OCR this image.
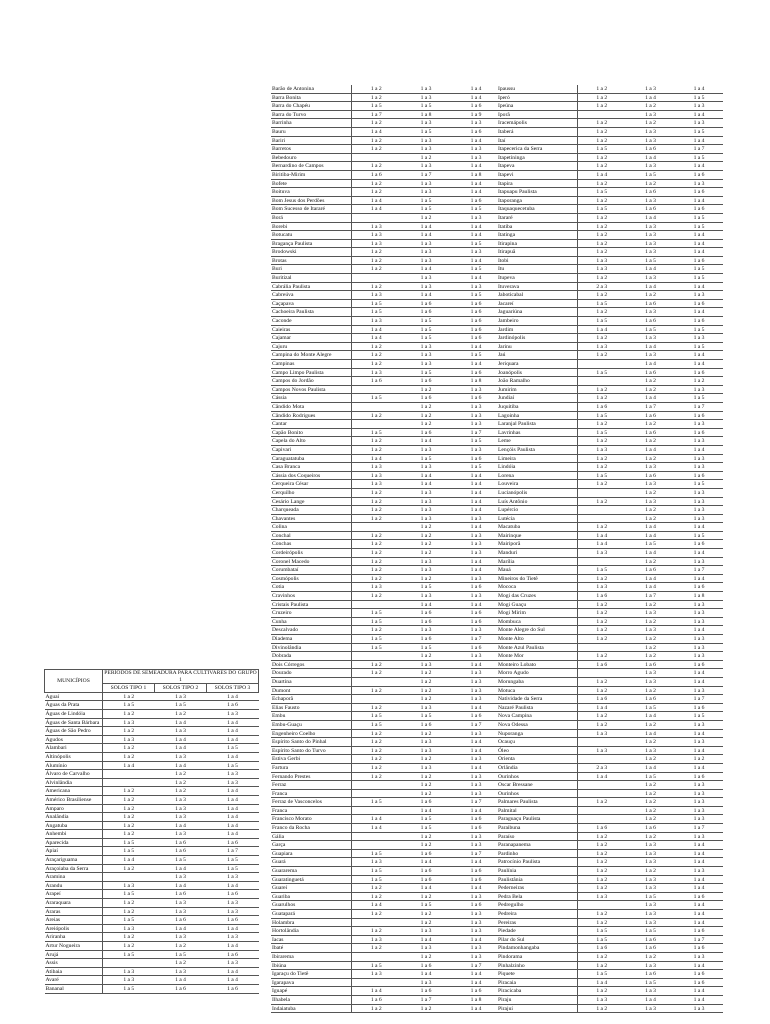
MUNICÍPIOS	PERÍODOS DE SEMEADURA PARA CULTIVARES DO GRUPO 1		
	SOLOS TIPO 1	SOLOS TIPO 2	SOLOS TIPO 3
Aguaí	1 a 2	1 a 3	1 a 4
Águas da Prata	1 a 5	1 a 5	1 a 6
Águas de Lindóia	1 a 2	1 a 2	1 a 3
Águas de Santa Bárbara	1 a 3	1 a 4	1 a 4
Águas de São Pedro	1 a 2	1 a 3	1 a 4
Agudos	1 a 3	1 a 4	1 a 4
Alambari	1 a 2	1 a 4	1 a 5
Altinópolis	1 a 2	1 a 3	1 a 4
Alumínio	1 a 4	1 a 4	1 a 5
Álvaro de Carvalho		1 a 2	1 a 3
Alvinlândia		1 a 2	1 a 3
Americana	1 a 2	1 a 2	1 a 4
Américo Brasiliense	1 a 2	1 a 3	1 a 4
Amparo	1 a 2	1 a 3	1 a 4
Analândia	1 a 2	1 a 3	1 a 4
Angatuba	1 a 2	1 a 4	1 a 4
Anhembi	1 a 2	1 a 3	1 a 4
Aparecida	1 a 5	1 a 6	1 a 6
Apiaí	1 a 5	1 a 6	1 a 7
Araçariguama	1 a 4	1 a 5	1 a 5
Araçoiaba da Serra	1 a 2	1 a 4	1 a 5
Aramina		1 a 3	1 a 3
Arandu	1 a 3	1 a 4	1 a 4
Arapeí	1 a 5	1 a 6	1 a 6
Araraquara	1 a 2	1 a 3	1 a 3
Araras	1 a 2	1 a 3	1 a 3
Areias	1 a 5	1 a 6	1 a 6
Areiópolis	1 a 3	1 a 4	1 a 4
Ariranha	1 a 2	1 a 3	1 a 3
Artur Nogueira	1 a 2	1 a 2	1 a 4
Arujá	1 a 5	1 a 5	1 a 6
Assis		1 a 2	1 a 3
Atibaia	1 a 3	1 a 3	1 a 4
Avaré	1 a 3	1 a 4	1 a 4
Bananal	1 a 5	1 a 6	1 a 6
Barão de Antonina	1 a 2	1 a 3	1 a 4
Barra Bonita	1 a 2	1 a 3	1 a 4
Barra do Chapéu	1 a 5	1 a 5	1 a 6
Barra do Turvo	1 a 7	1 a 8	1 a 9
Barrinha	1 a 2	1 a 3	1 a 3
Bauru	1 a 4	1 a 5	1 a 6
Bariri	1 a 2	1 a 3	1 a 4
Barretos	1 a 2	1 a 3	1 a 3
Bebedouro		1 a 2	1 a 3
Bernardino de Campos	1 a 2	1 a 3	1 a 4
Biritiba-Mirim	1 a 6	1 a 7	1 a 8
Bofete	1 a 2	1 a 3	1 a 4
Boituva	1 a 2	1 a 3	1 a 4
Bom Jesus dos Perdões	1 a 4	1 a 5	1 a 6
Bom Sucesso de Itararé	1 a 4	1 a 5	1 a 5
Borá		1 a 2	1 a 3
Borebi	1 a 3	1 a 4	1 a 4
Botucatu	1 a 3	1 a 4	1 a 4
Bragança Paulista	1 a 3	1 a 3	1 a 5
Brodowski	1 a 2	1 a 3	1 a 3
Brotas	1 a 2	1 a 3	1 a 4
Buri	1 a 2	1 a 4	1 a 5
Buritizal		1 a 3	1 a 4
Cabrália Paulista	1 a 2	1 a 3	1 a 3
Cabreúva	1 a 3	1 a 4	1 a 5
Caçapava	1 a 5	1 a 6	1 a 6
Cachoeira Paulista	1 a 5	1 a 6	1 a 6
Caconde	1 a 3	1 a 5	1 a 6
Caieiras	1 a 4	1 a 5	1 a 6
Cajamar	1 a 4	1 a 5	1 a 6
Cajuru	1 a 2	1 a 3	1 a 4
Campina do Monte Alegre	1 a 2	1 a 3	1 a 5
Campinas	1 a 2	1 a 3	1 a 4
Campo Limpo Paulista	1 a 3	1 a 5	1 a 6
Campos do Jordão	1 a 6	1 a 6	1 a 8
Campos Novos Paulista		1 a 2	1 a 3
Cássia	1 a 5	1 a 6	1 a 6
Cândido Mota		1 a 2	1 a 3
Cândido Rodrigues	1 a 2	1 a 2	1 a 3
Cantar		1 a 2	1 a 3
Capão Bonito	1 a 5	1 a 6	1 a 7
Capela do Alto	1 a 2	1 a 4	1 a 5
Capivari	1 a 2	1 a 3	1 a 3
Caraguatatuba	1 a 4	1 a 5	1 a 6
Casa Branca	1 a 3	1 a 3	1 a 5
Cássia dos Coqueiros	1 a 3	1 a 4	1 a 4
Cerqueira César	1 a 3	1 a 4	1 a 4
Cerquilho	1 a 2	1 a 3	1 a 4
Cesário Lange	1 a 2	1 a 3	1 a 4
Charqueada	1 a 2	1 a 3	1 a 4
Chavantes	1 a 2	1 a 3	1 a 3
Colina		1 a 2	1 a 4
Conchal	1 a 2	1 a 2	1 a 3
Conchas	1 a 2	1 a 2	1 a 3
Cordeirópolis	1 a 2	1 a 2	1 a 3
Coronel Macedo	1 a 2	1 a 3	1 a 4
Corumbataí	1 a 2	1 a 3	1 a 4
Cosmópolis	1 a 2	1 a 2	1 a 3
Cotia	1 a 3	1 a 5	1 a 6
Cravinhos	1 a 2	1 a 3	1 a 3
Cristais Paulista		1 a 4	1 a 4
Cruzeiro	1 a 5	1 a 6	1 a 6
Cunha	1 a 5	1 a 6	1 a 6
Descalvado	1 a 2	1 a 3	1 a 3
Diadema	1 a 5	1 a 6	1 a 7
Divinolândia	1 a 5	1 a 5	1 a 6
Dobrada		1 a 2	1 a 3
Dois Córregos	1 a 2	1 a 3	1 a 4
Dourado	1 a 2	1 a 2	1 a 3
Duartina		1 a 2	1 a 3
Dumont	1 a 2	1 a 2	1 a 3
Echaporã		1 a 2	1 a 3
Elias Fausto	1 a 2	1 a 3	1 a 4
Embu	1 a 5	1 a 5	1 a 6
Embu-Guaçu	1 a 5	1 a 6	1 a 7
Engenheiro Coelho	1 a 2	1 a 2	1 a 3
Espírito Santo do Pinhal	1 a 2	1 a 3	1 a 4
Espírito Santo do Turvo	1 a 2	1 a 3	1 a 4
Estiva Gerbi	1 a 2	1 a 2	1 a 3
Fartura	1 a 2	1 a 3	1 a 4
Fernando Prestes	1 a 2	1 a 2	1 a 3
Ferraz		1 a 2	1 a 3
Franca		1 a 2	1 a 3
Ferraz de Vasconcelos	1 a 5	1 a 6	1 a 7
Franca		1 a 4	1 a 4
Francisco Morato	1 a 4	1 a 5	1 a 6
Franco da Rocha	1 a 4	1 a 5	1 a 6
Gália		1 a 2	1 a 3
Garça		1 a 2	1 a 3
Guapiara	1 a 5	1 a 6	1 a 7
Guará	1 a 3	1 a 4	1 a 4
Guararema	1 a 5	1 a 6	1 a 6
Guaratinguetá	1 a 5	1 a 6	1 a 6
Guareí	1 a 2	1 a 4	1 a 4
Guariba	1 a 2	1 a 2	1 a 3
Guarulhos	1 a 4	1 a 5	1 a 6
Guatapará	1 a 2	1 a 2	1 a 3
Holambra		1 a 2	1 a 3
Hortolândia	1 a 2	1 a 3	1 a 3
Iacas	1 a 3	1 a 4	1 a 4
Ibaté	1 a 2	1 a 3	1 a 3
Ibirarema		1 a 2	1 a 3
Ibiúna	1 a 5	1 a 6	1 a 7
Igaraçu do Tietê	1 a 3	1 a 4	1 a 4
Igarapava		1 a 3	1 a 4
Iguapé	1 a 4	1 a 6	1 a 6
Ilhabela	1 a 6	1 a 7	1 a 8
Indaiatuba	1 a 2	1 a 2	1 a 4
Ipaussu	1 a 2	1 a 3	1 a 4
Iperó	1 a 2	1 a 4	1 a 5
Ipeúna	1 a 2	1 a 2	1 a 3
Iporã		1 a 3	1 a 4
Iracemápolis	1 a 2	1 a 2	1 a 3
Itaberá	1 a 2	1 a 3	1 a 5
Itaí	1 a 2	1 a 3	1 a 4
Itapecerica da Serra	1 a 5	1 a 6	1 a 7
Itapetininga	1 a 2	1 a 4	1 a 5
Itapeva	1 a 2	1 a 3	1 a 4
Itapevi	1 a 4	1 a 5	1 a 6
Itapira	1 a 2	1 a 2	1 a 3
Itapuapu Paulista	1 a 5	1 a 6	1 a 6
Itaporanga	1 a 2	1 a 3	1 a 4
Itaquaquecetuba	1 a 5	1 a 6	1 a 6
Itararé	1 a 2	1 a 4	1 a 5
Itatiba	1 a 2	1 a 3	1 a 5
Itatinga	1 a 2	1 a 3	1 a 4
Itirapina	1 a 2	1 a 3	1 a 4
Itirapuã	1 a 2	1 a 3	1 a 4
Itobi	1 a 3	1 a 5	1 a 6
Itu	1 a 3	1 a 4	1 a 5
Itupeva	1 a 2	1 a 3	1 a 5
Ituverava	2 a 3	1 a 4	1 a 4
Jaboticabal	1 a 2	1 a 2	1 a 3
Jacareí	1 a 5	1 a 6	1 a 6
Jaguariúna	1 a 2	1 a 3	1 a 4
Jambeiro	1 a 5	1 a 6	1 a 6
Jardim	1 a 4	1 a 5	1 a 5
Jardinópolis	1 a 2	1 a 3	1 a 3
Jarinu	1 a 3	1 a 4	1 a 5
Jaú	1 a 2	1 a 3	1 a 4
Jeriquara		1 a 4	1 a 4
Joanópolis	1 a 5	1 a 6	1 a 6
João Ramalho		1 a 2	1 a 2
Jumirim	1 a 2	1 a 2	1 a 3
Jundiaí	1 a 2	1 a 4	1 a 5
Juquitiba	1 a 6	1 a 7	1 a 7
Lagoinha	1 a 5	1 a 6	1 a 6
Laranjal Paulista	1 a 2	1 a 2	1 a 3
Lavrinhas	1 a 5	1 a 6	1 a 6
Leme	1 a 2	1 a 2	1 a 3
Lençóis Paulista	1 a 3	1 a 4	1 a 4
Limeira	1 a 2	1 a 2	1 a 3
Lindóia	1 a 2	1 a 3	1 a 3
Lorena	1 a 5	1 a 6	1 a 6
Louveira	1 a 2	1 a 3	1 a 5
Lucianópolis		1 a 2	1 a 3
Luís Antônio	1 a 2	1 a 3	1 a 3
Lupércio		1 a 2	1 a 3
Lutécia		1 a 2	1 a 3
Macatuba	1 a 2	1 a 4	1 a 4
Mairinque	1 a 4	1 a 4	1 a 5
Mairiporã	1 a 4	1 a 5	1 a 6
Manduri	1 a 3	1 a 4	1 a 4
Marília		1 a 2	1 a 3
Mauá	1 a 5	1 a 6	1 a 7
Mineiros do Tietê	1 a 2	1 a 4	1 a 4
Mococa	1 a 3	1 a 4	1 a 6
Mogi das Cruzes	1 a 6	1 a 7	1 a 8
Mogi Guaçu	1 a 2	1 a 2	1 a 3
Mogi Mirim	1 a 2	1 a 3	1 a 3
Mombuca	1 a 2	1 a 2	1 a 3
Monte Alegre do Sul	1 a 2	1 a 3	1 a 4
Monte Alto	1 a 2	1 a 2	1 a 3
Monte Azul Paulista		1 a 2	1 a 3
Monte Mor	1 a 2	1 a 2	1 a 3
Monteiro Lobato	1 a 6	1 a 6	1 a 6
Morro Agudo		1 a 3	1 a 4
Morungaba	1 a 2	1 a 3	1 a 4
Motuca	1 a 2	1 a 2	1 a 3
Natividade da Serra	1 a 6	1 a 6	1 a 7
Nazaré Paulista	1 a 4	1 a 5	1 a 6
Nova Campina	1 a 2	1 a 4	1 a 5
Nova Odessa	1 a 2	1 a 2	1 a 3
Nuporanga	1 a 3	1 a 4	1 a 4
Ocauçu		1 a 2	1 a 3
Óleo	1 a 3	1 a 3	1 a 4
Orienta		1 a 2	1 a 2
Orlândia	2 a 3	1 a 4	1 a 4
Ourinhos	1 a 4	1 a 5	1 a 6
Oscar Bressane		1 a 2	1 a 3
Ourinhos		1 a 2	1 a 3
Palmares Paulista	1 a 2	1 a 2	1 a 3
Palmital		1 a 2	1 a 3
Paraguaçu Paulista		1 a 2	1 a 3
Paraibuna	1 a 6	1 a 6	1 a 7
Paraíso	1 a 2	1 a 2	1 a 3
Paranapanema	1 a 2	1 a 3	1 a 4
Pardinho	1 a 2	1 a 3	1 a 4
Patrocínio Paulista	1 a 2	1 a 3	1 a 4
Paulínia	1 a 2	1 a 2	1 a 3
Paulistânia	1 a 2	1 a 3	1 a 4
Pederneiras	1 a 2	1 a 3	1 a 4
Pedra Bela	1 a 3	1 a 5	1 a 6
Pedregulho		1 a 3	1 a 4
Pedreira	1 a 2	1 a 3	1 a 4
Pereiras	1 a 2	1 a 3	1 a 4
Piedade	1 a 5	1 a 5	1 a 6
Pilar do Sul	1 a 5	1 a 6	1 a 7
Pindamonhangaba	1 a 6	1 a 6	1 a 6
Pindorama	1 a 2	1 a 2	1 a 3
Pinhalzinho	1 a 2	1 a 3	1 a 4
Piquete	1 a 5	1 a 6	1 a 6
Piracaia	1 a 4	1 a 5	1 a 6
Piracicaba	1 a 2	1 a 3	1 a 4
Piraju	1 a 3	1 a 4	1 a 4
Pirajuí	1 a 2	1 a 3	1 a 3
